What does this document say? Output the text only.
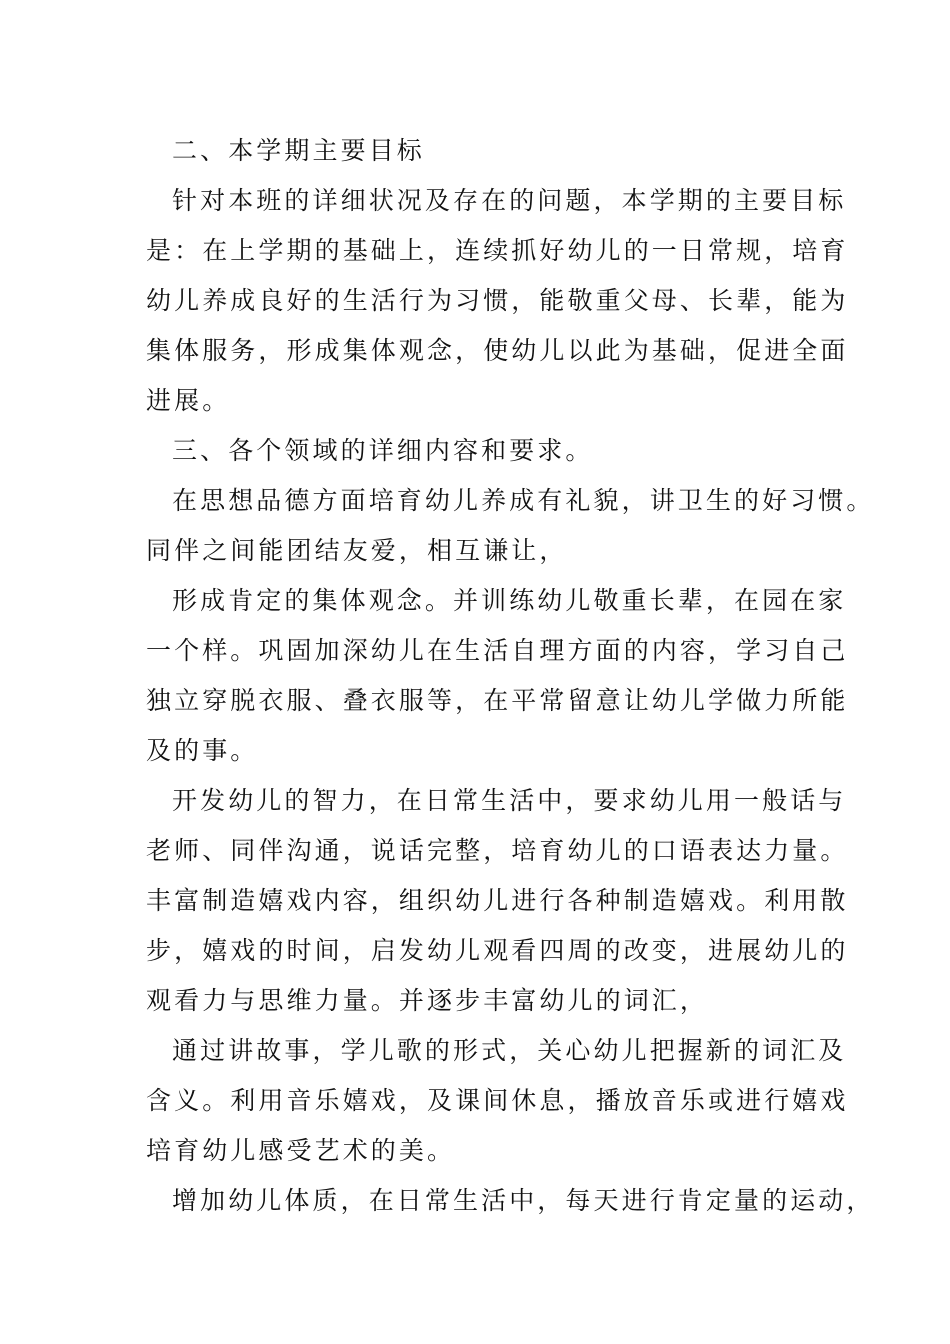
二、本学期主要目标
针对本班的详细状况及存在的问题，本学期的主要目标
是：在上学期的基础上，连续抓好幼儿的一日常规，培育
幼儿养成良好的生活行为习惯，能敬重父母、长辈，能为
集体服务，形成集体观念，使幼儿以此为基础，促进全面
进展。
三、各个领域的详细内容和要求。
在思想品德方面培育幼儿养成有礼貌，讲卫生的好习惯。
同伴之间能团结友爱，相互谦让，
形成肯定的集体观念。并训练幼儿敬重长辈，在园在家
一个样。巩固加深幼儿在生活自理方面的内容，学习自己
独立穿脱衣服、叠衣服等，在平常留意让幼儿学做力所能
及的事。
开发幼儿的智力，在日常生活中，要求幼儿用一般话与
老师、同伴沟通，说话完整，培育幼儿的口语表达力量。
丰富制造嬉戏内容，组织幼儿进行各种制造嬉戏。利用散
步，嬉戏的时间，启发幼儿观看四周的改变，进展幼儿的
观看力与思维力量。并逐步丰富幼儿的词汇，
通过讲故事，学儿歌的形式，关心幼儿把握新的词汇及
含义。利用音乐嬉戏，及课间休息，播放音乐或进行嬉戏
培育幼儿感受艺术的美。
增加幼儿体质，在日常生活中，每天进行肯定量的运动，
